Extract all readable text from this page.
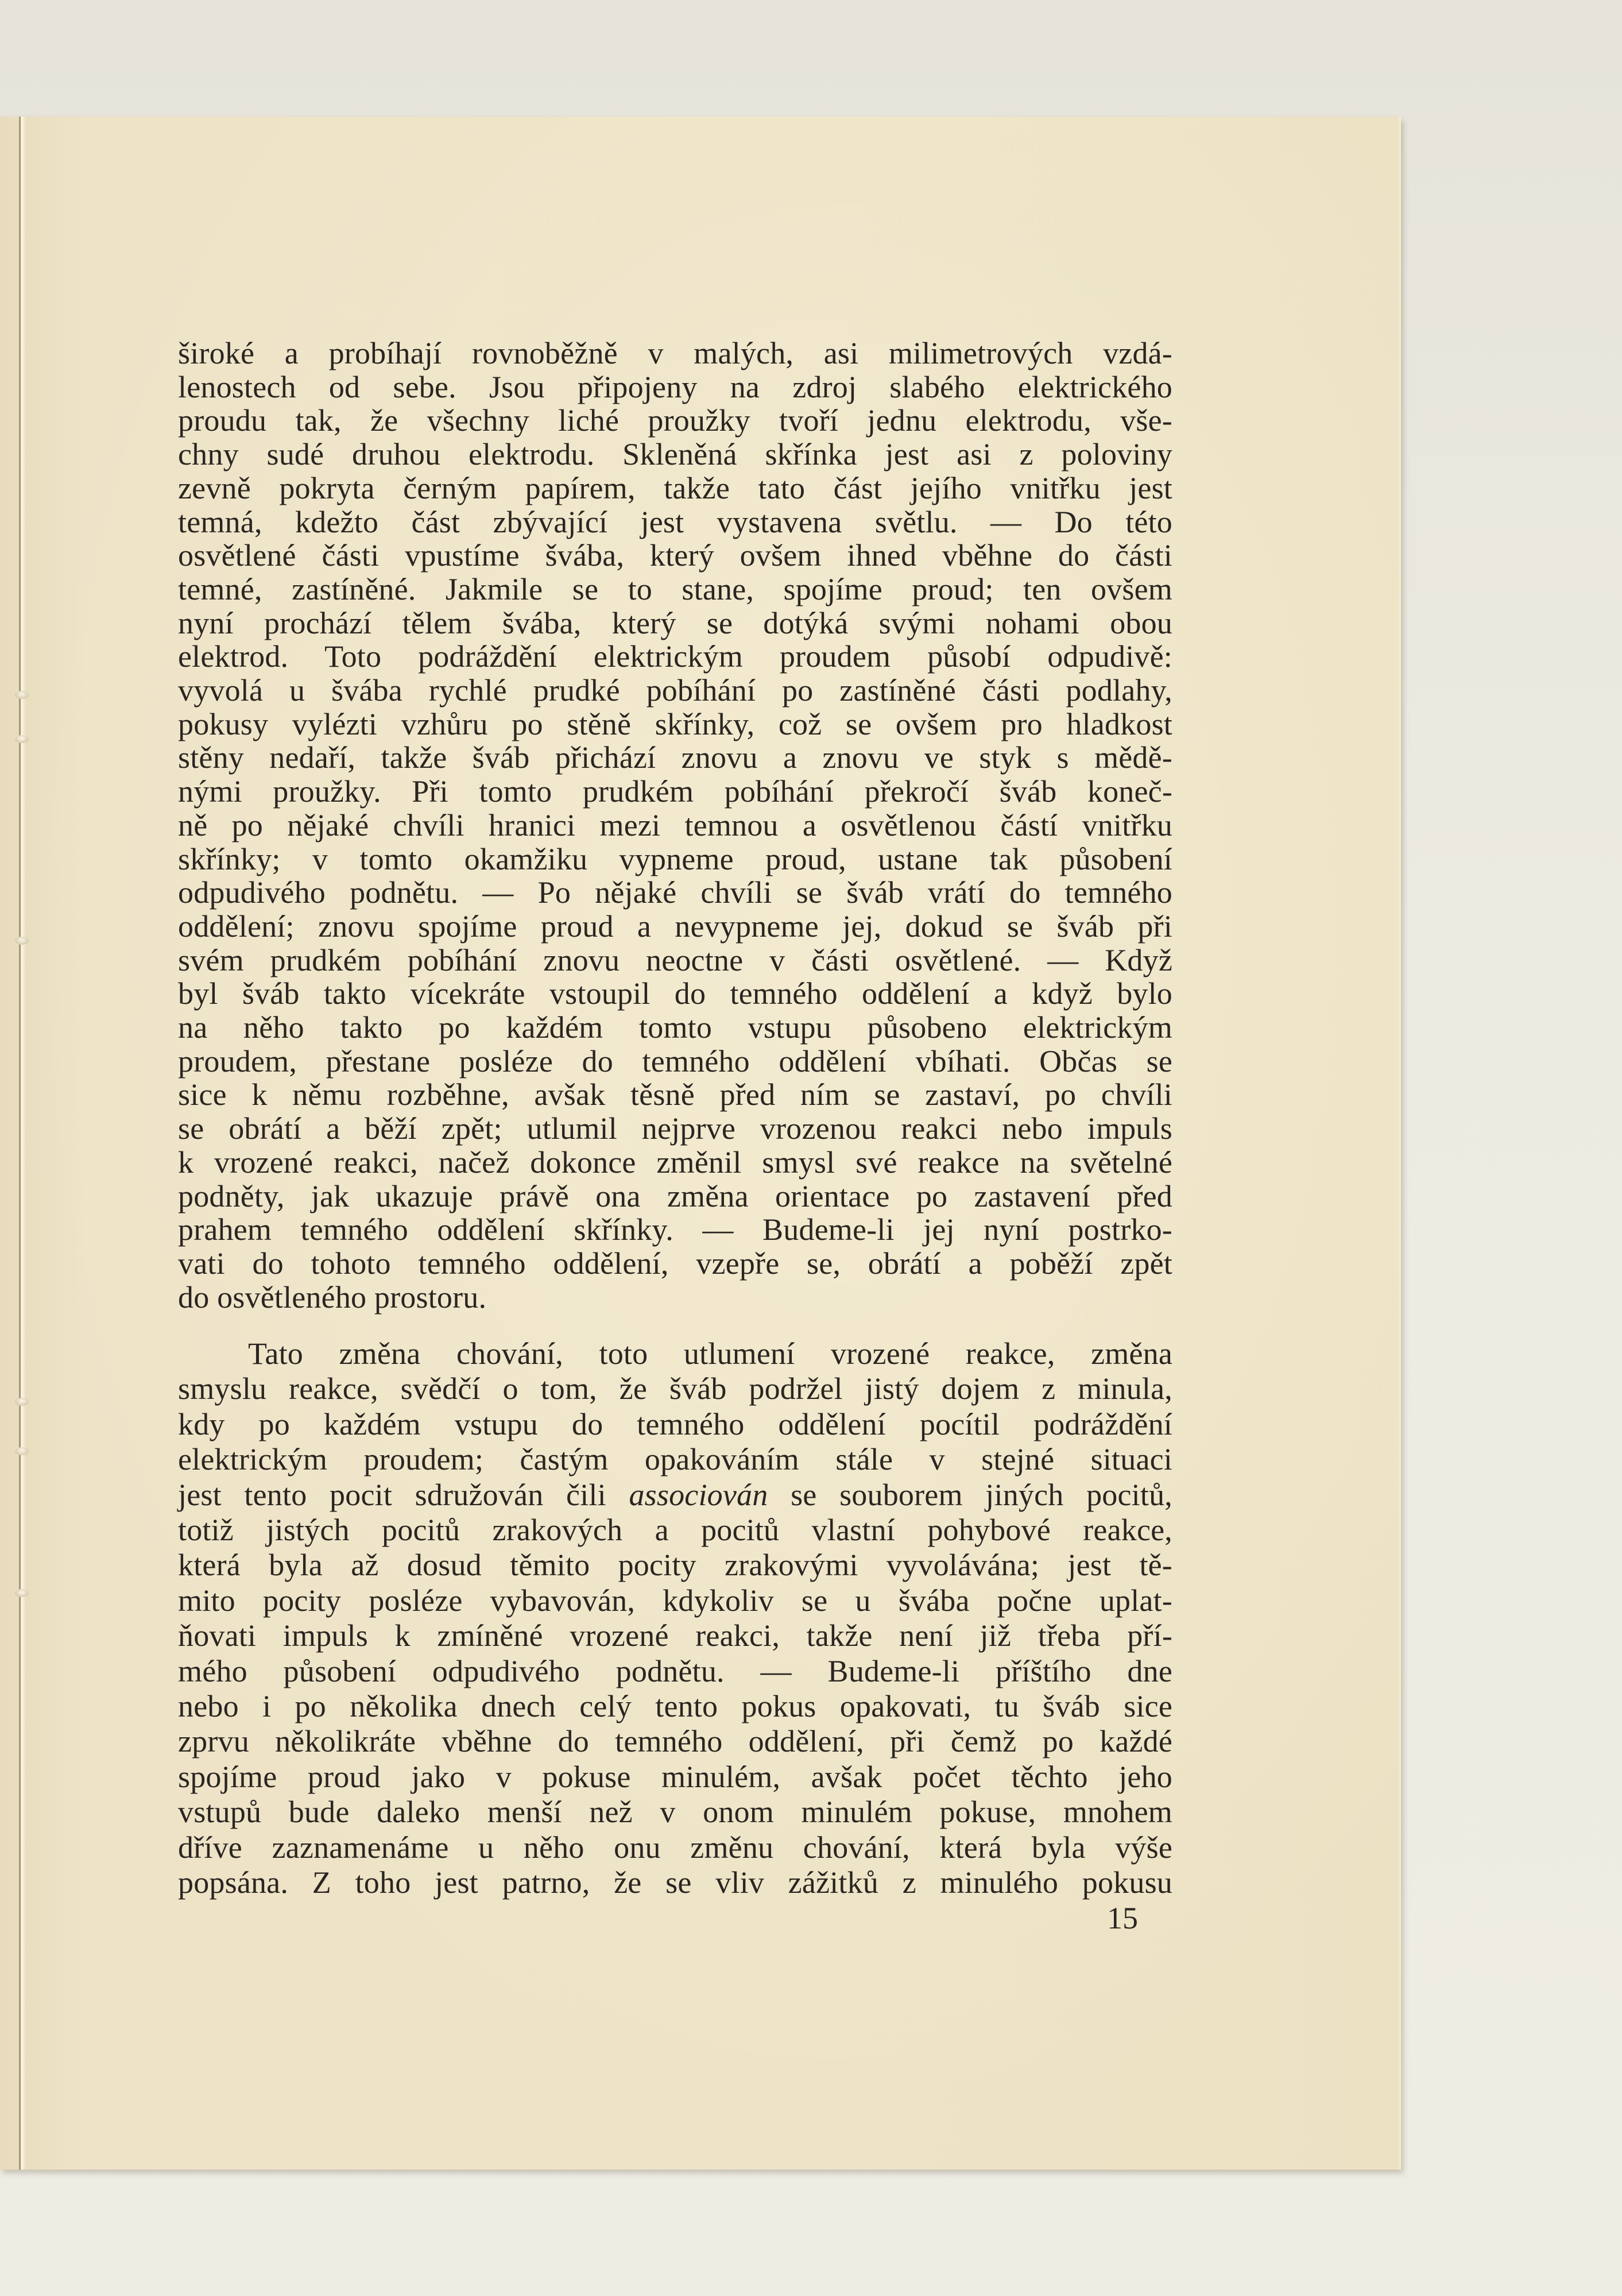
široké a probíhají rovnoběžně v malých, asi milimetrových vzdá-
lenostech od sebe. Jsou připojeny na zdroj slabého elektrického
proudu tak, že všechny liché proužky tvoří jednu elektrodu, vše-
chny sudé druhou elektrodu. Skleněná skřínka jest asi z poloviny
zevně pokryta černým papírem, takže tato část jejího vnitřku jest
temná, kdežto část zbývající jest vystavena světlu. — Do této
osvětlené části vpustíme švába, který ovšem ihned vběhne do části
temné, zastíněné. Jakmile se to stane, spojíme proud; ten ovšem
nyní prochází tělem švába, který se dotýká svými nohami obou
elektrod. Toto podráždění elektrickým proudem působí odpudivě:
vyvolá u švába rychlé prudké pobíhání po zastíněné části podlahy,
pokusy vylézti vzhůru po stěně skřínky, což se ovšem pro hladkost
stěny nedaří, takže šváb přichází znovu a znovu ve styk s mědě-
nými proužky. Při tomto prudkém pobíhání překročí šváb koneč-
ně po nějaké chvíli hranici mezi temnou a osvětlenou částí vnitřku
skřínky; v tomto okamžiku vypneme proud, ustane tak působení
odpudivého podnětu. — Po nějaké chvíli se šváb vrátí do temného
oddělení; znovu spojíme proud a nevypneme jej, dokud se šváb při
svém prudkém pobíhání znovu neoctne v části osvětlené. — Když
byl šváb takto vícekráte vstoupil do temného oddělení a když bylo
na něho takto po každém tomto vstupu působeno elektrickým
proudem, přestane posléze do temného oddělení vbíhati. Občas se
sice k němu rozběhne, avšak těsně před ním se zastaví, po chvíli
se obrátí a běží zpět; utlumil nejprve vrozenou reakci nebo impuls
k vrozené reakci, načež dokonce změnil smysl své reakce na světelné
podněty, jak ukazuje právě ona změna orientace po zastavení před
prahem temného oddělení skřínky. — Budeme-li jej nyní postrko-
vati do tohoto temného oddělení, vzepře se, obrátí a poběží zpět
do osvětleného prostoru.
Tato změna chování, toto utlumení vrozené reakce, změna
smyslu reakce, svědčí o tom, že šváb podržel jistý dojem z minula,
kdy po každém vstupu do temného oddělení pocítil podráždění
elektrickým proudem; častým opakováním stále v stejné situaci
jest tento pocit sdružován čili associován se souborem jiných pocitů,
totiž jistých pocitů zrakových a pocitů vlastní pohybové reakce,
která byla až dosud těmito pocity zrakovými vyvolávána; jest tě-
mito pocity posléze vybavován, kdykoliv se u švába počne uplat-
ňovati impuls k zmíněné vrozené reakci, takže není již třeba pří-
mého působení odpudivého podnětu. — Budeme-li příštího dne
nebo i po několika dnech celý tento pokus opakovati, tu šváb sice
zprvu několikráte vběhne do temného oddělení, při čemž po každé
spojíme proud jako v pokuse minulém, avšak počet těchto jeho
vstupů bude daleko menší než v onom minulém pokuse, mnohem
dříve zaznamenáme u něho onu změnu chování, která byla výše
popsána. Z toho jest patrno, že se vliv zážitků z minulého pokusu
15
